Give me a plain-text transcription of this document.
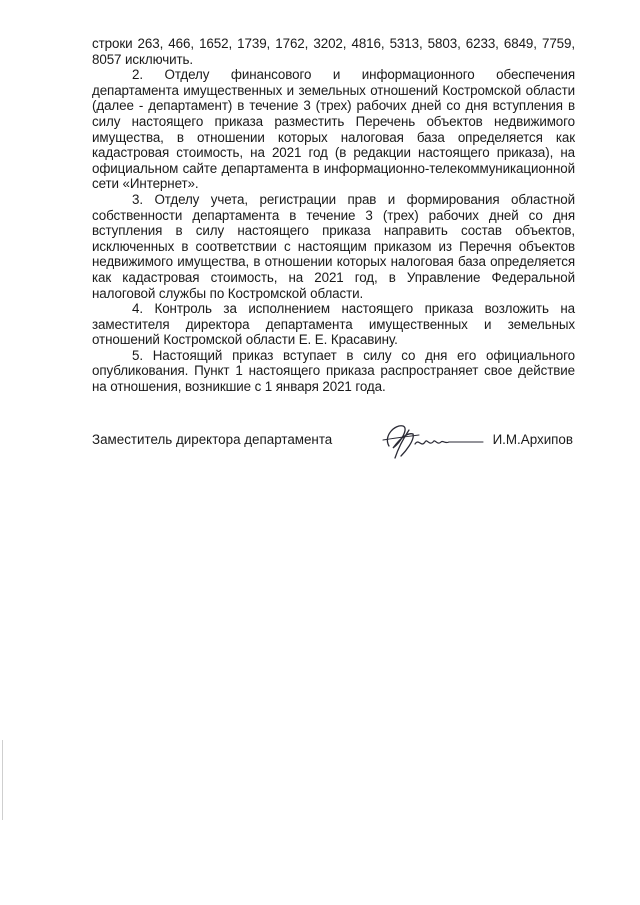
строки 263, 466, 1652, 1739, 1762, 3202, 4816, 5313, 5803, 6233, 6849, 7759, 8057 исключить.

2. Отделу финансового и информационного обеспечения департамента имущественных и земельных отношений Костромской области (далее - департамент) в течение 3 (трех) рабочих дней со дня вступления в силу настоящего приказа разместить Перечень объектов недвижимого имущества, в отношении которых налоговая база определяется как кадастровая стоимость, на 2021 год (в редакции настоящего приказа), на официальном сайте департамента в информационно-телекоммуникационной сети «Интернет».

3. Отделу учета, регистрации прав и формирования областной собственности департамента в течение 3 (трех) рабочих дней со дня вступления в силу настоящего приказа направить состав объектов, исключенных в соответствии с настоящим приказом из Перечня объектов недвижимого имущества, в отношении которых налоговая база определяется как кадастровая стоимость, на 2021 год, в Управление Федеральной налоговой службы по Костромской области.

4. Контроль за исполнением настоящего приказа возложить на заместителя директора департамента имущественных и земельных отношений Костромской области Е. Е. Красавину.

5. Настоящий приказ вступает в силу со дня его официального опубликования. Пункт 1 настоящего приказа распространяет свое действие на отношения, возникшие с 1 января 2021 года.

Заместитель директора департамента	И.М.Архипов
